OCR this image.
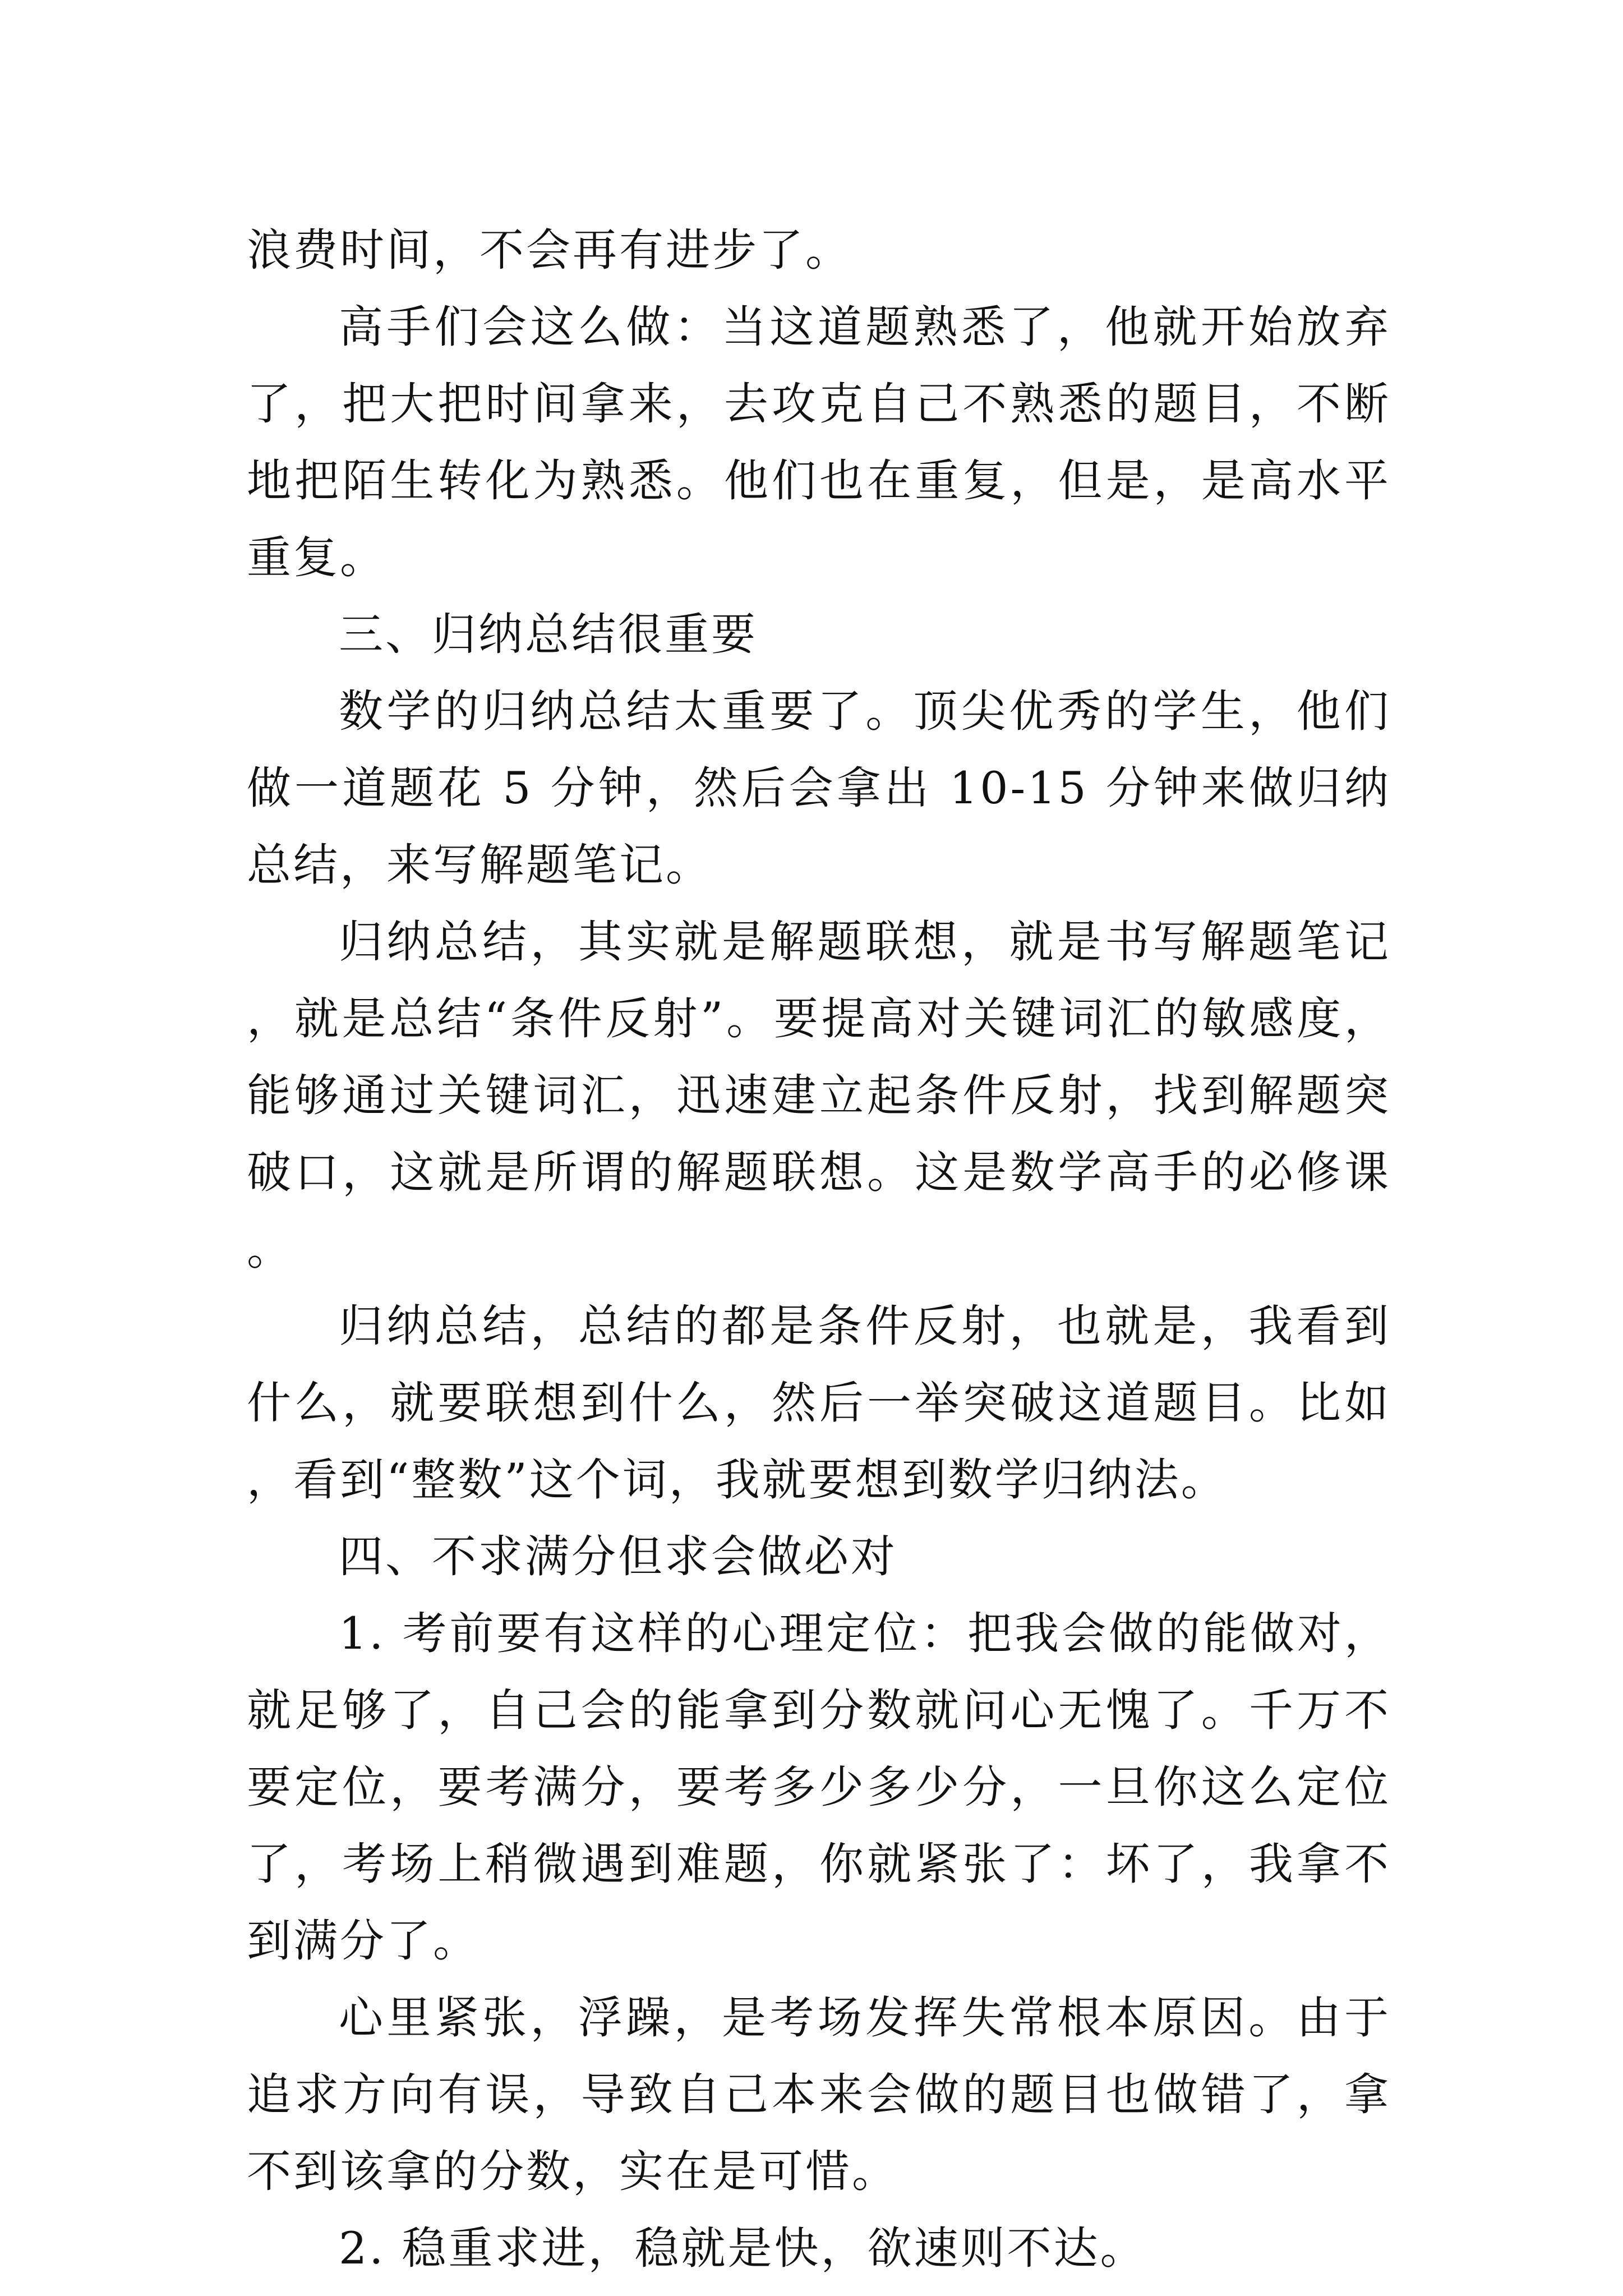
浪费时间，不会再有进步了。

高手们会这么做：当这道题熟悉了，他就开始放弃了，把大把时间拿来，去攻克自己不熟悉的题目，不断地把陌生转化为熟悉。他们也在重复，但是，是高水平重复。

三、归纳总结很重要

数学的归纳总结太重要了。顶尖优秀的学生，他们做一道题花 5 分钟，然后会拿出 10-15 分钟来做归纳总结，来写解题笔记。

归纳总结，其实就是解题联想，就是书写解题笔记，就是总结“条件反射”。要提高对关键词汇的敏感度，能够通过关键词汇，迅速建立起条件反射，找到解题突破口，这就是所谓的解题联想。这是数学高手的必修课。

归纳总结，总结的都是条件反射，也就是，我看到什么，就要联想到什么，然后一举突破这道题目。比如，看到“整数”这个词，我就要想到数学归纳法。

四、不求满分但求会做必对

1. 考前要有这样的心理定位：把我会做的能做对，就足够了，自己会的能拿到分数就问心无愧了。千万不要定位，要考满分，要考多少多少分，一旦你这么定位了，考场上稍微遇到难题，你就紧张了：坏了，我拿不到满分了。

心里紧张，浮躁，是考场发挥失常根本原因。由于追求方向有误，导致自己本来会做的题目也做错了，拿不到该拿的分数，实在是可惜。

2. 稳重求进，稳就是快，欲速则不达。
